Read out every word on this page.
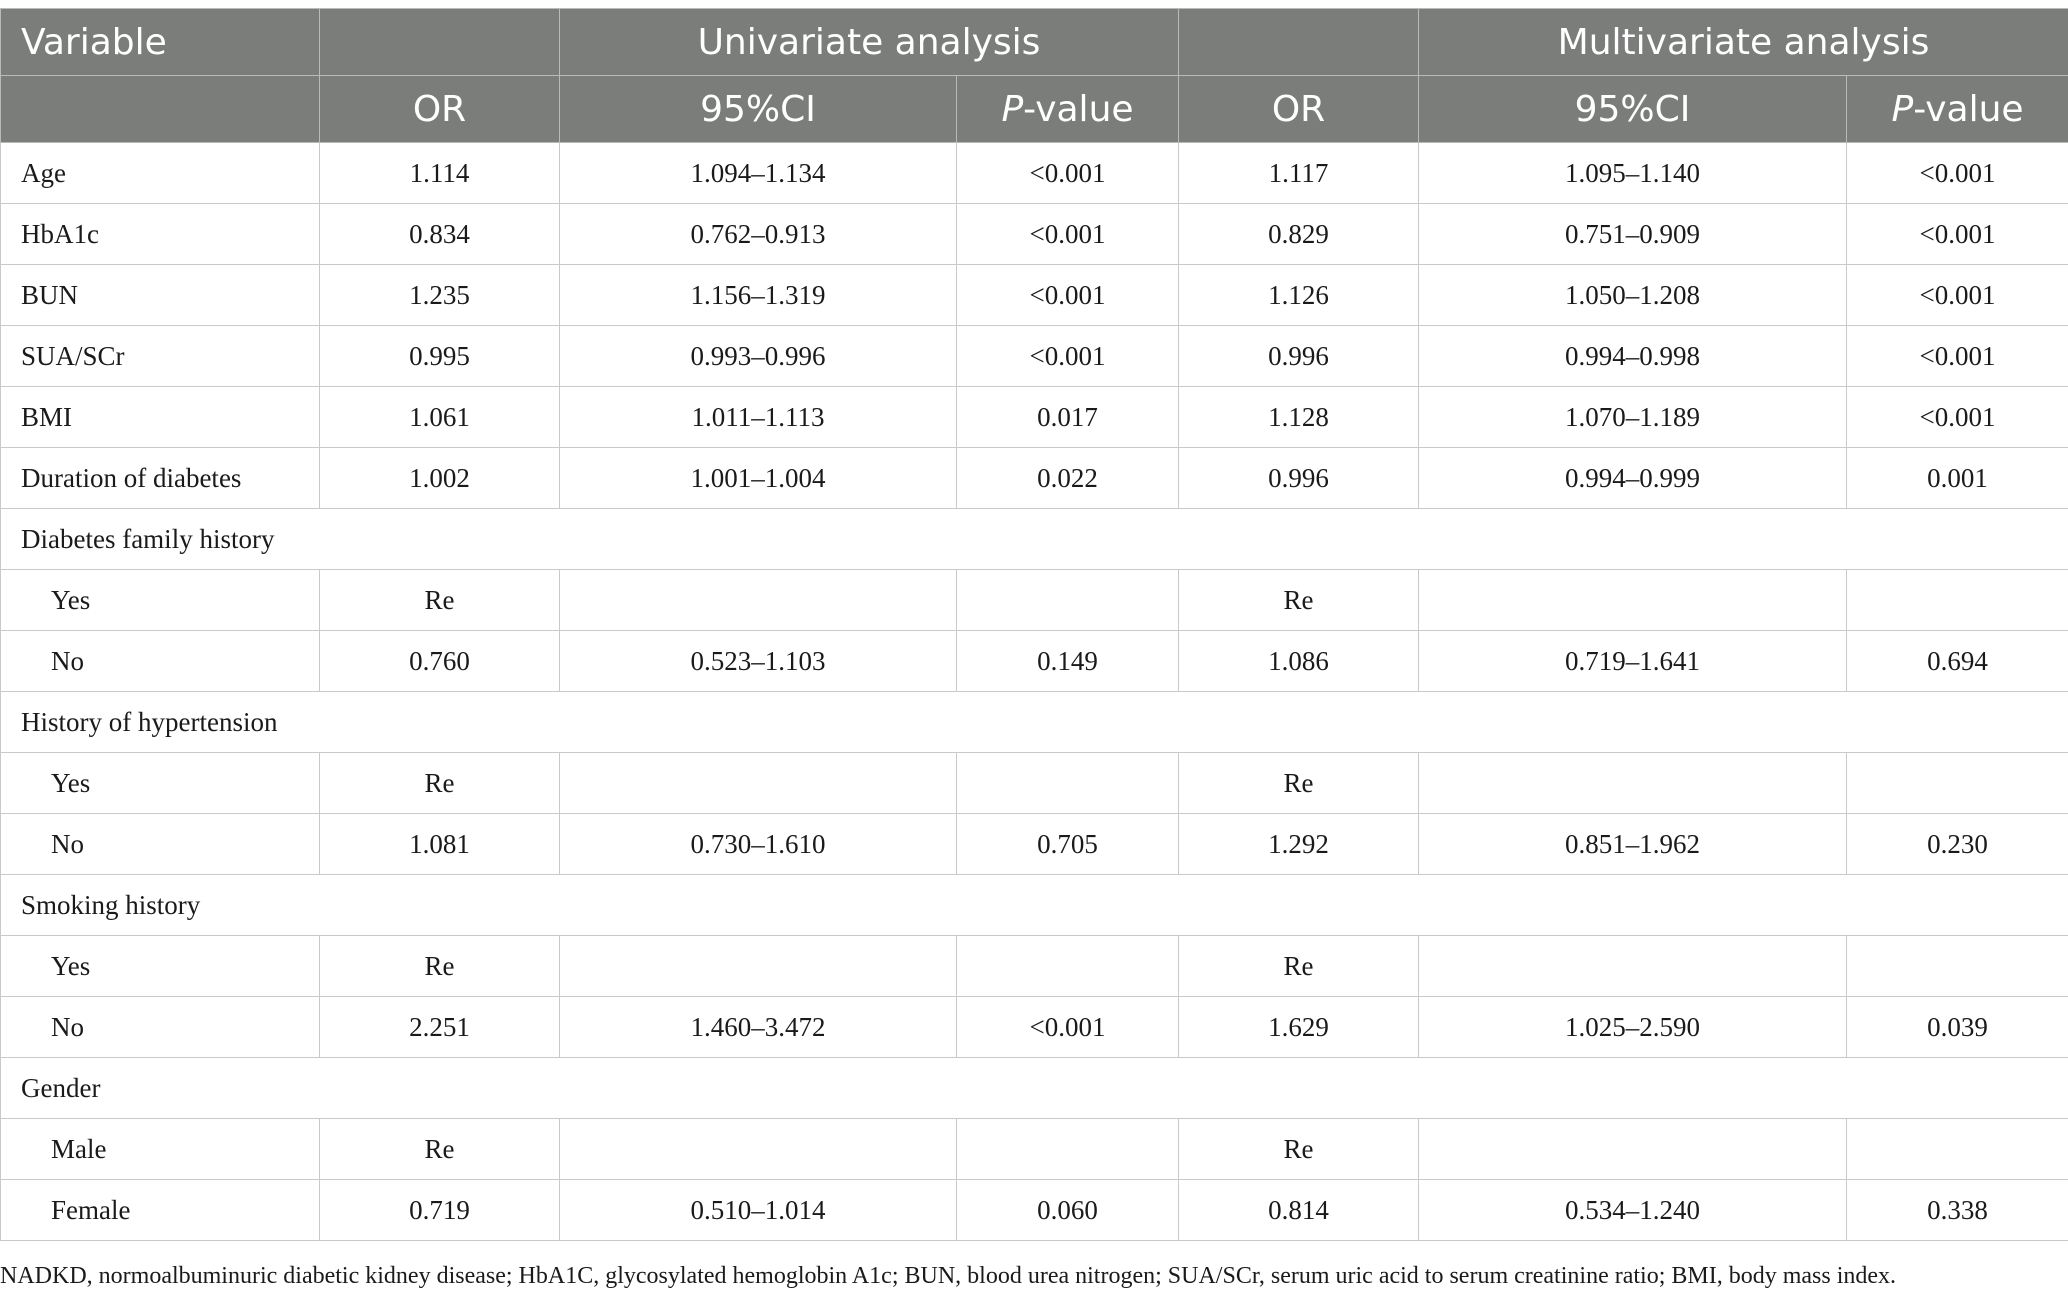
Variable		Univariate analysis			Multivariate analysis	
	OR	95%CI	P-value	OR	95%CI	P-value
Age	1.114	1.094–1.134	<0.001	1.117	1.095–1.140	<0.001
HbA1c	0.834	0.762–0.913	<0.001	0.829	0.751–0.909	<0.001
BUN	1.235	1.156–1.319	<0.001	1.126	1.050–1.208	<0.001
SUA/SCr	0.995	0.993–0.996	<0.001	0.996	0.994–0.998	<0.001
BMI	1.061	1.011–1.113	0.017	1.128	1.070–1.189	<0.001
Duration of diabetes	1.002	1.001–1.004	0.022	0.996	0.994–0.999	0.001
Diabetes family history						
Yes	Re			Re		
No	0.760	0.523–1.103	0.149	1.086	0.719–1.641	0.694
History of hypertension						
Yes	Re			Re		
No	1.081	0.730–1.610	0.705	1.292	0.851–1.962	0.230
Smoking history						
Yes	Re			Re		
No	2.251	1.460–3.472	<0.001	1.629	1.025–2.590	0.039
Gender						
Male	Re			Re		
Female	0.719	0.510–1.014	0.060	0.814	0.534–1.240	0.338
NADKD, normoalbuminuric diabetic kidney disease; HbA1C, glycosylated hemoglobin A1c; BUN, blood urea nitrogen; SUA/SCr, serum uric acid to serum creatinine ratio; BMI, body mass index.
